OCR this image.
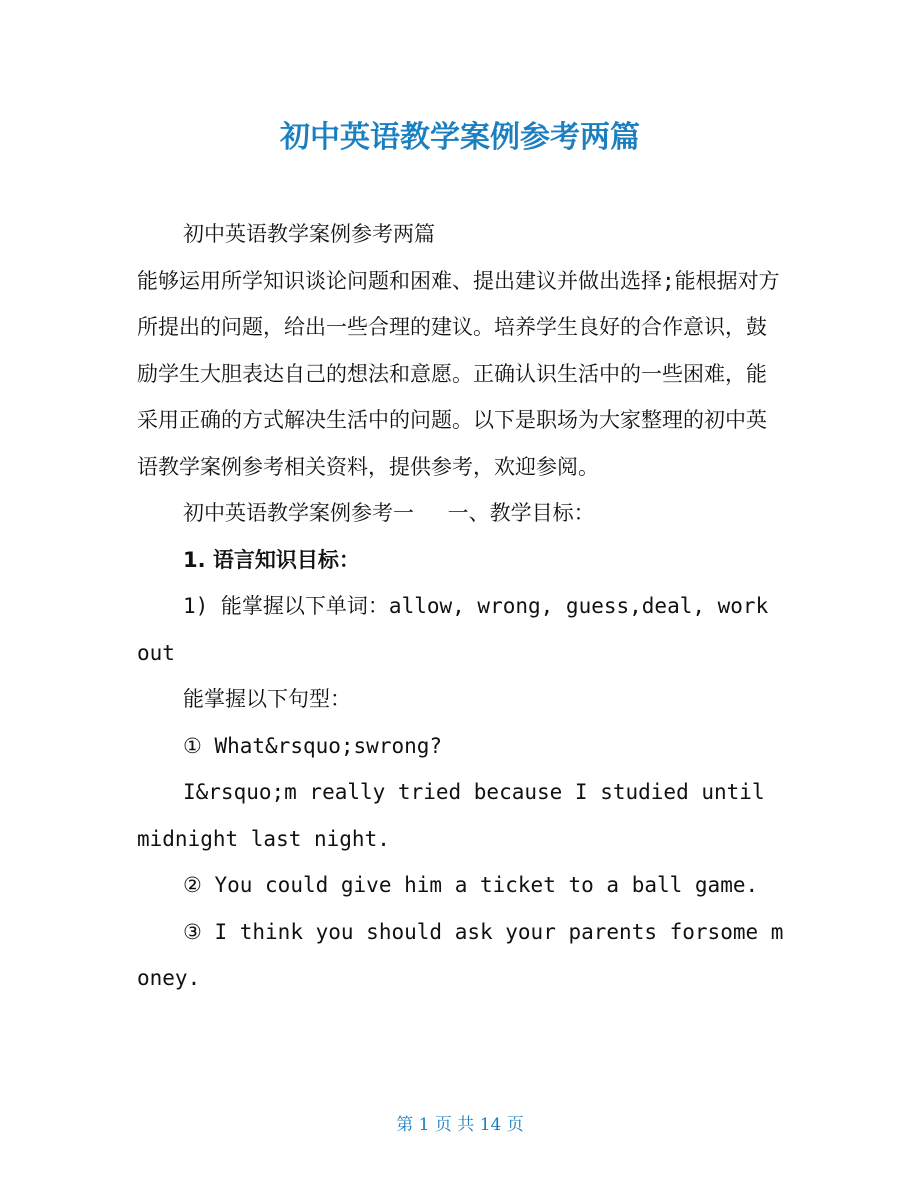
初中英语教学案例参考两篇

初中英语教学案例参考两篇

能够运用所学知识谈论问题和困难、提出建议并做出选择;能根据对方所提出的问题，给出一些合理的建议。培养学生良好的合作意识，鼓励学生大胆表达自己的想法和意愿。正确认识生活中的一些困难，能采用正确的方式解决生活中的问题。以下是职场为大家整理的初中英语教学案例参考相关资料，提供参考，欢迎参阅。

初中英语教学案例参考一　 一、教学目标：

1. 语言知识目标：

1) 能掌握以下单词：allow, wrong, guess,deal, work out

能掌握以下句型：

① What&rsquo;swrong?

I&rsquo;m really tried because I studied until midnight last night.

② You could give him a ticket to a ball game.

③ I think you should ask your parents forsome money.

第 1 页 共 14 页
